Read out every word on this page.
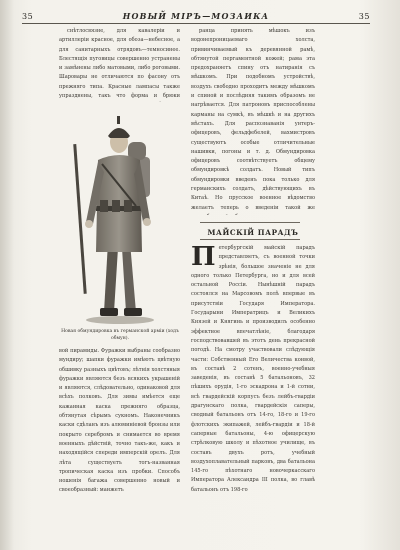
35	НОВЫЙ МІРЪ—МОЗАИКА	35

снѣтлосвязне, для кавалеріи и артиллеріи красное, для обоза—небесное, а для санитарныхъ отрядовъ—темносинее. Блестящія пуговицы совершенно устранены и замѣнены либо матовыми, либо роговыми. Шаровары не отличаются по фасону отъ прежняго типа. Красные лампасы также упразднены, такъ что форма и брюки

Новая обмундировка въ германской арміи (ходъ обмун).

вой пирамиды. Фуражки выбраны сообразно мундиру; шапки фуражки имѣютъ цвѣтную обшивку разныхъ цвѣтовъ; лѣтнія холстяныя фуражки являются безъ всякихъ украшеній и являются, слѣдовательно, одинаковой для всѣхъ полковъ. Для зимы имѣется еще кажанная каска прежняго образца, обтянутая сѣрымъ сукномъ. Наконечникъ каски сдѣланъ изъ алюминіевой бронзы или покрыто серебромъ и снимается во время военныхъ дѣйствій, точно такъ-же, какъ и находящійся спереди имперскій орелъ. Для лѣта существуетъ тогъ-названная тропическая каска изъ пробки. Способъ ношенія багажа совершенно новый и своеобразный: манжетъ

ранца принять мѣшокъ изъ водонепроницаемаго холста, привинчиваемый къ деревянной рамѣ, обтянутой пергаментной кожей; рама эта предохраняетъ спину отъ натиранія съ мѣшкомъ. При подобномъ устройствѣ, воздухъ свободно проходитъ между мѣшкомъ и спиной и послѣдняя такимъ образомъ не нагрѣвается. Для патроновъ приспособлены карманы на сумкѣ, въ мѣшкѣ и на другихъ мѣстахъ. Для распознаванія унтеръ-офицеровъ, фельдфебелей, вахмистровъ существуютъ особые отличительные нашивки, погоны и т. д. Обмундировка офицеровъ соотвѣтствуетъ общему обмундировкѣ солдатъ. Новый типъ обмундировки введенъ пока только для германскихъ солдатъ, дѣйствующихъ въ Китаѣ. Но прусское военное вѣдомство желаетъ теперь о введеніи такой же

МАЙСКІЙ ПАРАДЪ

Петербургскій майскій парадъ представляетъ, съ военной точки зрѣнія, большое значеніе не для одного только Петербурга, но и для всей остальной Россіи. Нынѣшній парадъ состоялся на Марсовомъ полѣ впервые въ присутствіи Государя Императора. Государыни Императрицъ и Великихъ Князей и Княгинь и производилъ особенно эффектное впечатлѣніе, благодаря господствовавшей въ этотъ день прекрасной погодѣ. На смотру участвовали слѣдующія части: Собственный Его Величества конвой, въ составѣ 2 сотенъ, военно-учебныя заведенія, въ составѣ 5 батальоновъ, 32 пѣшихъ орудія, 1-го эскадрона и 1-й сотни, всѣ гвардейскій корпусъ безъ лейбъ-гвардіи драгунскаго полка, гвардейскія саперы, сводный батальонъ отъ 14-го, 18-го и 19-го флотскихъ экипажей, лейбъ-гвардіи и 18-й саперные батальоны, 4-ю офицерскую стрѣлковую школу и пѣхотное училище, въ составъ двухъ ротъ, учебный воздухоплавательный парковъ, два батальона 145-го пѣхотнаго новочеркасскаго Императора Александра III полка, во главѣ батальонъ отъ 198-го
